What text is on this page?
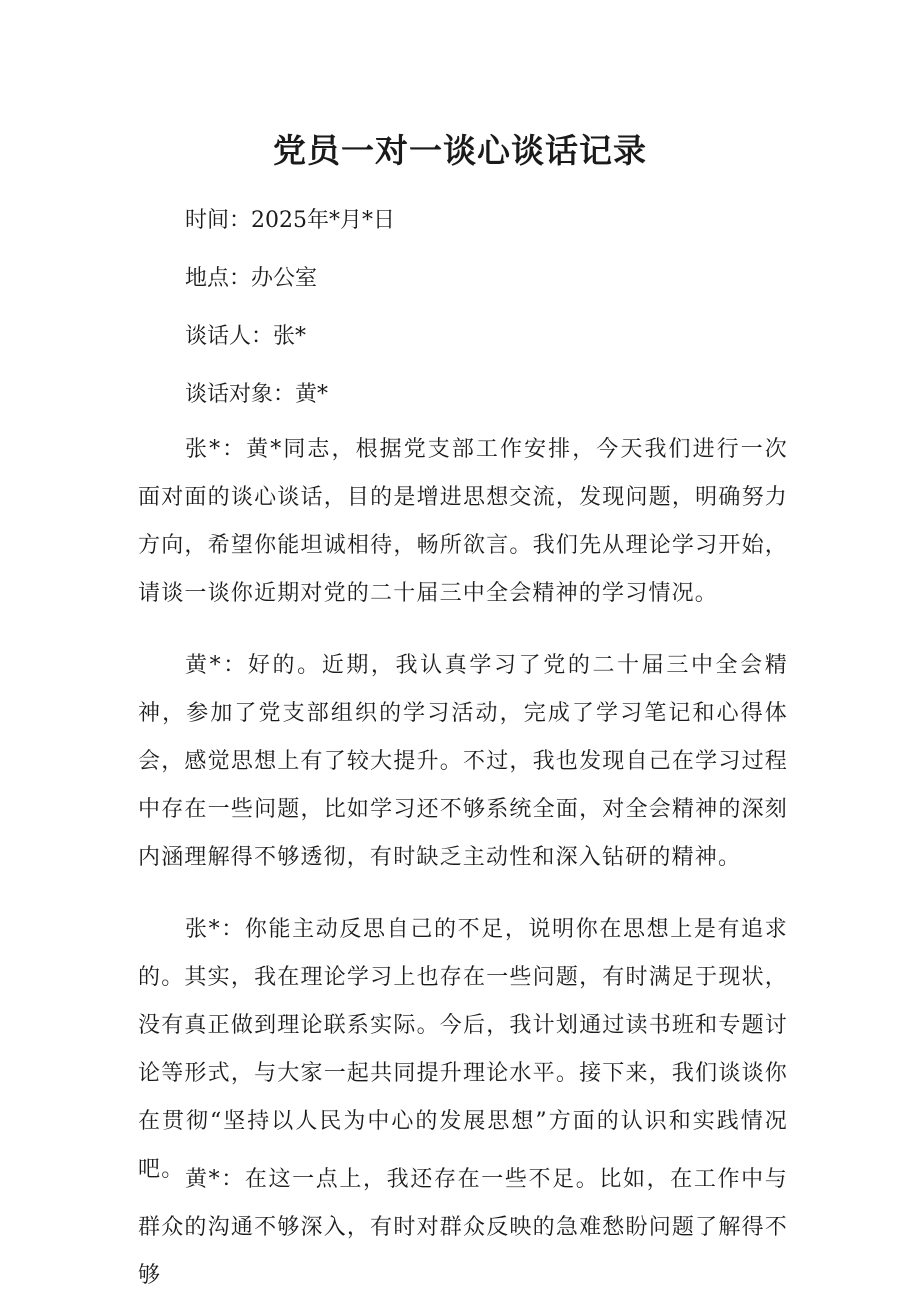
党员一对一谈心谈话记录

时间：2025年*月*日

地点：办公室

谈话人：张*

谈话对象：黄*

张*：黄*同志，根据党支部工作安排，今天我们进行一次面对面的谈心谈话，目的是增进思想交流，发现问题，明确努力方向，希望你能坦诚相待，畅所欲言。我们先从理论学习开始，请谈一谈你近期对党的二十届三中全会精神的学习情况。

黄*：好的。近期，我认真学习了党的二十届三中全会精神，参加了党支部组织的学习活动，完成了学习笔记和心得体会，感觉思想上有了较大提升。不过，我也发现自己在学习过程中存在一些问题，比如学习还不够系统全面，对全会精神的深刻内涵理解得不够透彻，有时缺乏主动性和深入钻研的精神。

张*：你能主动反思自己的不足，说明你在思想上是有追求的。其实，我在理论学习上也存在一些问题，有时满足于现状，没有真正做到理论联系实际。今后，我计划通过读书班和专题讨论等形式，与大家一起共同提升理论水平。接下来，我们谈谈你在贯彻“坚持以人民为中心的发展思想”方面的认识和实践情况吧。 黄*：在这一点上，我还存在一些不足。比如，在工作中与群众的沟通不够深入，有时对群众反映的急难愁盼问题了解得不够
